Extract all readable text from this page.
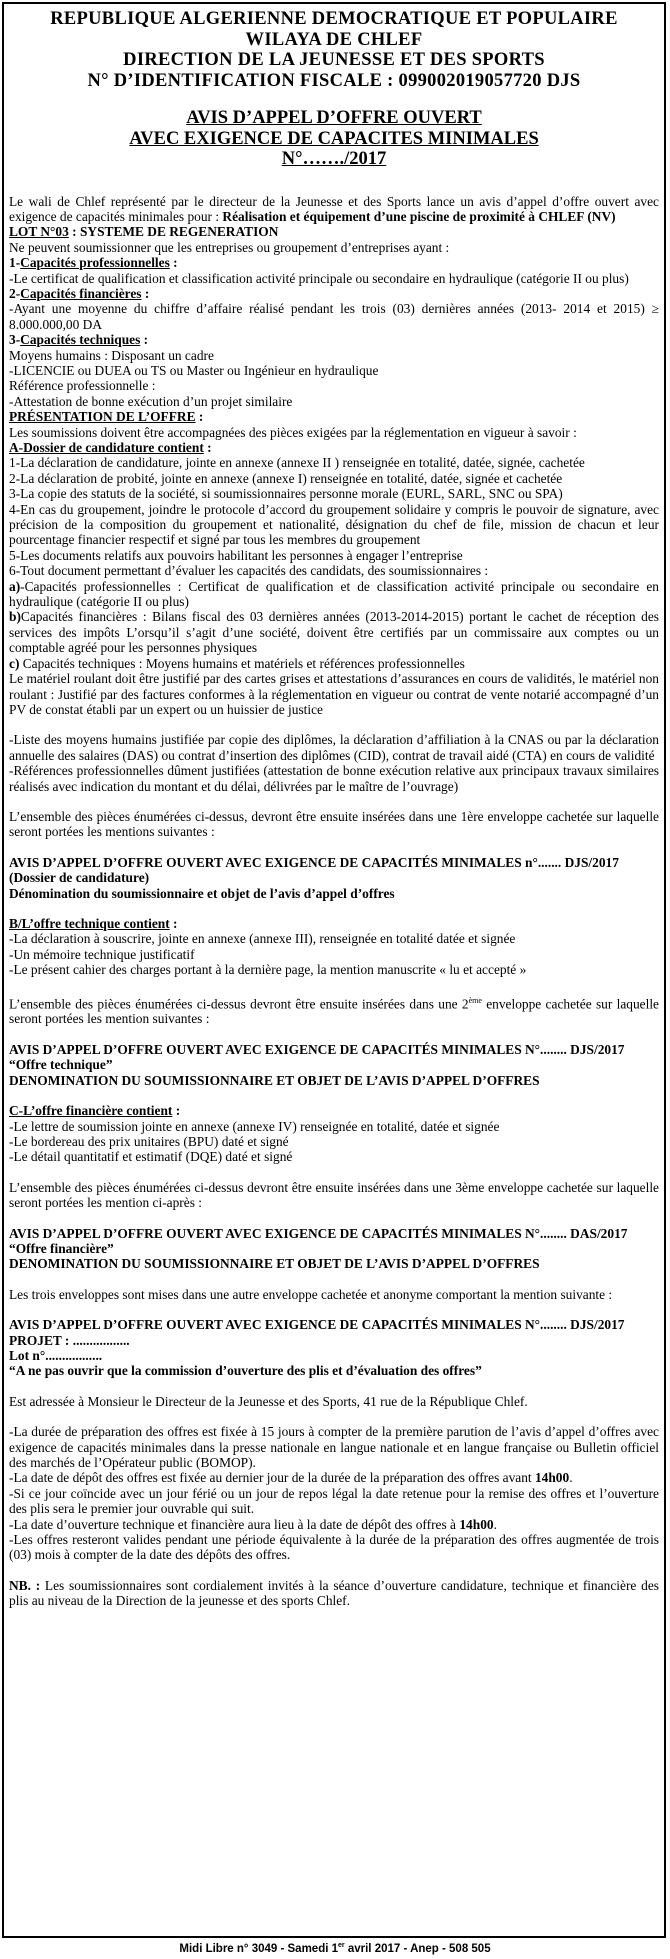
REPUBLIQUE ALGERIENNE DEMOCRATIQUE ET POPULAIRE
WILAYA DE CHLEF
DIRECTION DE LA JEUNESSE ET DES SPORTS
N° D’IDENTIFICATION FISCALE : 099002019057720 DJS
AVIS D’APPEL D’OFFRE OUVERT
AVEC EXIGENCE DE CAPACITES MINIMALES
N°……./2017

Le wali de Chlef représenté par le directeur de la Jeunesse et des Sports lance un avis d’appel d’offre ouvert avec exigence de capacités minimales pour : Réalisation et équipement d’une piscine de proximité à CHLEF (NV)

LOT N°03 : SYSTEME DE REGENERATION

Ne peuvent soumissionner que les entreprises ou groupement d’entreprises ayant :

1-Capacités professionnelles :

-Le certificat de qualification et classification activité principale ou secondaire en hydraulique (catégorie II ou plus)

2-Capacités financières :

-Ayant une moyenne du chiffre d’affaire réalisé pendant les trois (03) dernières années (2013- 2014 et 2015) ≥ 8.000.000,00 DA

3-Capacités techniques :

Moyens humains : Disposant un cadre

-LICENCIE ou DUEA ou TS ou Master ou Ingénieur en hydraulique

Référence professionnelle :

-Attestation de bonne exécution d’un projet similaire

PRÉSENTATION DE L’OFFRE :

Les soumissions doivent être accompagnées des pièces exigées par la réglementation en vigueur à savoir :

A-Dossier de candidature contient :

1-La déclaration de candidature, jointe en annexe (annexe II ) renseignée en totalité, datée, signée, cachetée

2-La déclaration de probité, jointe en annexe (annexe I) renseignée en totalité, datée, signée et cachetée

3-La copie des statuts de la société, si soumissionnaires personne morale (EURL, SARL, SNC ou SPA)

4-En cas du groupement, joindre le protocole d’accord du groupement solidaire y compris le pouvoir de signature, avec précision de la composition du groupement et nationalité, désignation du chef de file, mission de chacun et leur pourcentage financier respectif et signé par tous les membres du groupement

5-Les documents relatifs aux pouvoirs habilitant les personnes à engager l’entreprise

6-Tout document permettant d’évaluer les capacités des candidats, des soumissionnaires :

a)-Capacités professionnelles : Certificat de qualification et de classification activité principale ou secondaire en hydraulique (catégorie II ou plus)

b)Capacités financières : Bilans fiscal des 03 dernières années (2013-2014-2015) portant le cachet de réception des services des impôts L’orsqu’il s’agit d’une société, doivent être certifiés par un commissaire aux comptes ou un comptable agréé pour les personnes physiques

c) Capacités techniques : Moyens humains et matériels et références professionnelles

Le matériel roulant doit être justifié par des cartes grises et attestations d’assurances en cours de validités, le matériel non roulant : Justifié par des factures conformes à la réglementation en vigueur ou contrat de vente notarié accompagné d’un PV de constat établi par un expert ou un huissier de justice

-Liste des moyens humains justifiée par copie des diplômes, la déclaration d’affiliation à la CNAS ou par la déclaration annuelle des salaires (DAS) ou contrat d’insertion des diplômes (CID), contrat de travail aidé (CTA) en cours de validité

-Références professionnelles dûment justifiées (attestation de bonne exécution relative aux principaux travaux similaires réalisés avec indication du montant et du délai, délivrées par le maître de l’ouvrage)

L’ensemble des pièces énumérées ci-dessus, devront être ensuite insérées dans une 1ère enveloppe cachetée sur laquelle seront portées les mentions suivantes :

AVIS D’APPEL D’OFFRE OUVERT AVEC EXIGENCE DE CAPACITÉS MINIMALES n°....... DJS/2017

(Dossier de candidature)

Dénomination du soumissionnaire et objet de l’avis d’appel d’offres

B/L’offre technique contient :

-La déclaration à souscrire, jointe en annexe (annexe III), renseignée en totalité datée et signée

-Un mémoire technique justificatif

-Le présent cahier des charges portant à la dernière page, la mention manuscrite « lu et accepté »

L’ensemble des pièces énumérées ci-dessus devront être ensuite insérées dans une 2ème enveloppe cachetée sur laquelle seront portées les mention suivantes :

AVIS D’APPEL D’OFFRE OUVERT AVEC EXIGENCE DE CAPACITÉS MINIMALES N°........ DJS/2017

“Offre technique”

DENOMINATION DU SOUMISSIONNAIRE ET OBJET DE L’AVIS D’APPEL D’OFFRES

C-L’offre financière contient :

-Le lettre de soumission jointe en annexe (annexe IV) renseignée en totalité, datée et signée

-Le bordereau des prix unitaires (BPU) daté et signé

-Le détail quantitatif et estimatif (DQE) daté et signé

L’ensemble des pièces énumérées ci-dessus devront être ensuite insérées dans une 3ème enveloppe cachetée sur laquelle seront portées les mention ci-après :

AVIS D’APPEL D’OFFRE OUVERT AVEC EXIGENCE DE CAPACITÉS MINIMALES N°........ DAS/2017

“Offre financière”

DENOMINATION DU SOUMISSIONNAIRE ET OBJET DE L’AVIS D’APPEL D’OFFRES

Les trois enveloppes sont mises dans une autre enveloppe cachetée et anonyme comportant la mention suivante :

AVIS D’APPEL D’OFFRE OUVERT AVEC EXIGENCE DE CAPACITÉS MINIMALES N°........ DJS/2017

PROJET : .................

Lot n°.................

“A ne pas ouvrir que la commission d’ouverture des plis et d’évaluation des offres”

Est adressée à Monsieur le Directeur de la Jeunesse et des Sports, 41 rue de la République Chlef.

-La durée de préparation des offres est fixée à 15 jours à compter de la première parution de l’avis d’appel d’offres avec exigence de capacités minimales dans la presse nationale en langue nationale et en langue française ou Bulletin officiel des marchés de l’Opérateur public (BOMOP).

-La date de dépôt des offres est fixée au dernier jour de la durée de la préparation des offres avant 14h00.

-Si ce jour coïncide avec un jour férié ou un jour de repos légal la date retenue pour la remise des offres et l’ouverture des plis sera le premier jour ouvrable qui suit.

-La date d’ouverture technique et financière aura lieu à la date de dépôt des offres à 14h00.

-Les offres resteront valides pendant une période équivalente à la durée de la préparation des offres augmentée de trois (03) mois à compter de la date des dépôts des offres.

NB. : Les soumissionnaires sont cordialement invités à la séance d’ouverture candidature, technique et financière des plis au niveau de la Direction de la jeunesse et des sports Chlef.

Midi Libre n° 3049 - Samedi 1er avril 2017 - Anep - 508 505
